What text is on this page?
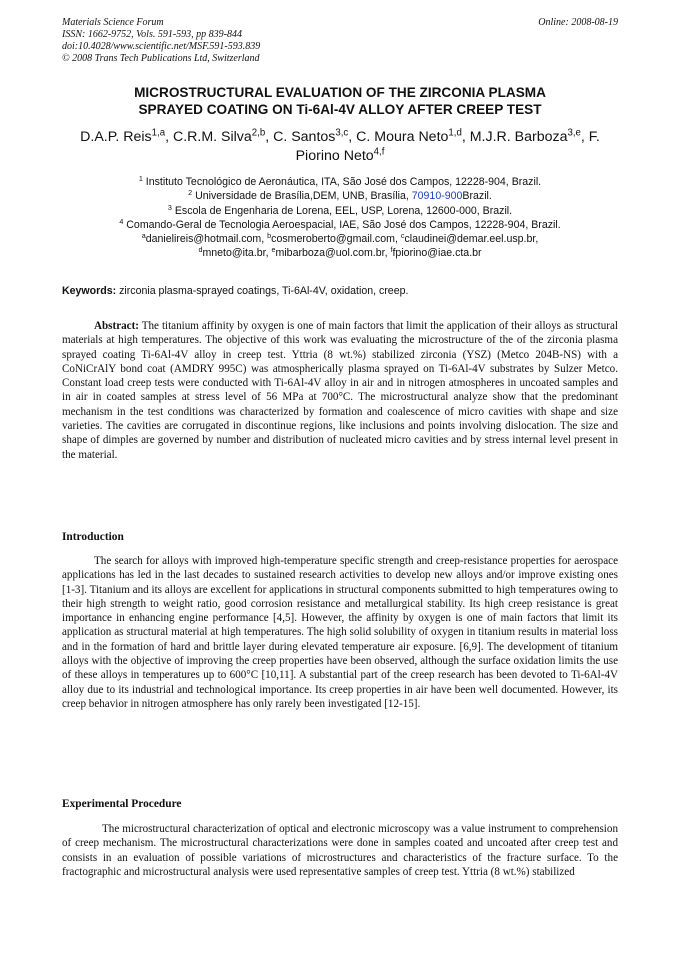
Materials Science Forum
ISSN: 1662-9752, Vols. 591-593, pp 839-844
doi:10.4028/www.scientific.net/MSF.591-593.839
© 2008 Trans Tech Publications Ltd, Switzerland
Online: 2008-08-19
MICROSTRUCTURAL EVALUATION OF THE ZIRCONIA PLASMA
SPRAYED COATING ON Ti-6Al-4V ALLOY AFTER CREEP TEST
D.A.P. Reis$^{1,a}$, C.R.M. Silva$^{2,b}$, C. Santos$^{3,c}$, C. Moura Neto$^{1,d}$, M.J.R. Barboza$^{3,e}$, F. Piorino Neto$^{4,f}$
$^1$ Instituto Tecnológico de Aeronáutica, ITA, São José dos Campos, 12228-904, Brazil.
$^2$ Universidade de Brasília,DEM, UNB, Brasília, 70910-900Brazil.
$^3$ Escola de Engenharia de Lorena, EEL, USP, Lorena, 12600-000, Brazil.
$^4$ Comando-Geral de Tecnologia Aeroespacial, IAE, São José dos Campos, 12228-904, Brazil.
$^a$danielireis@hotmail.com, $^b$cosmeroberto@gmail.com, $^c$claudinei@demar.eel.usp.br,
$^d$mneto@ita.br, $^e$mibarboza@uol.com.br, $^f$fpiorino@iae.cta.br
Keywords: zirconia plasma-sprayed coatings, Ti-6Al-4V, oxidation, creep.

Abstract: The titanium affinity by oxygen is one of main factors that limit the application of their alloys as structural materials at high temperatures. The objective of this work was evaluating the microstructure of the of the zirconia plasma sprayed coating Ti-6Al-4V alloy in creep test. Yttria (8 wt.%) stabilized zirconia (YSZ) (Metco 204B-NS) with a CoNiCrAlY bond coat (AMDRY 995C) was atmospherically plasma sprayed on Ti-6Al-4V substrates by Sulzer Metco. Constant load creep tests were conducted with Ti-6Al-4V alloy in air and in nitrogen atmospheres in uncoated samples and in air in coated samples at stress level of 56 MPa at 700°C. The microstructural analyze show that the predominant mechanism in the test conditions was characterized by formation and coalescence of micro cavities with shape and size varieties. The cavities are corrugated in discontinue regions, like inclusions and points involving dislocation. The size and shape of dimples are governed by number and distribution of nucleated micro cavities and by stress internal level present in the material.

Introduction

The search for alloys with improved high-temperature specific strength and creep-resistance properties for aerospace applications has led in the last decades to sustained research activities to develop new alloys and/or improve existing ones [1-3]. Titanium and its alloys are excellent for applications in structural components submitted to high temperatures owing to their high strength to weight ratio, good corrosion resistance and metallurgical stability. Its high creep resistance is great importance in enhancing engine performance [4,5]. However, the affinity by oxygen is one of main factors that limit its application as structural material at high temperatures. The high solid solubility of oxygen in titanium results in material loss and in the formation of hard and brittle layer during elevated temperature air exposure. [6,9]. The development of titanium alloys with the objective of improving the creep properties have been observed, although the surface oxidation limits the use of these alloys in temperatures up to 600°C [10,11]. A substantial part of the creep research has been devoted to Ti-6Al-4V alloy due to its industrial and technological importance. Its creep properties in air have been well documented. However, its creep behavior in nitrogen atmosphere has only rarely been investigated [12-15].

Experimental Procedure

The microstructural characterization of optical and electronic microscopy was a value instrument to comprehension of creep mechanism. The microstructural characterizations were done in samples coated and uncoated after creep test and consists in an evaluation of possible variations of microstructures and characteristics of the fracture surface. To the fractographic and microstructural analysis were used representative samples of creep test. Yttria (8 wt.%) stabilized
